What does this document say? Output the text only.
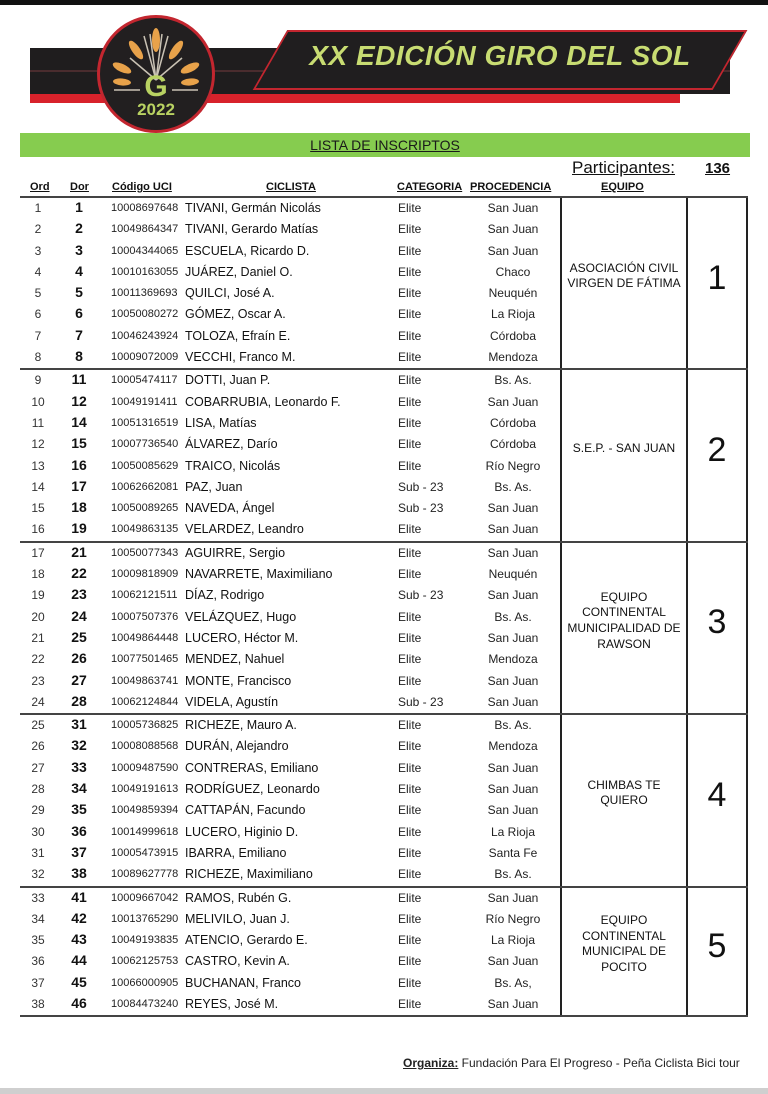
XX EDICIÓN GIRO DEL SOL
G
2022
LISTA DE INSCRIPTOS
Participantes: 136
Ord Dor Código UCI	CICLISTA	CATEGORIA PROCEDENCIA	EQUIPO
1	1	10008697648 TIVANI, Germán Nicolás	Elite	San Juan
2	2	10049864347 TIVANI, Gerardo Matías	Elite	San Juan
3	3	10004344065 ESCUELA, Ricardo D.	Elite	San Juan
4	4	10010163055 JUÁREZ, Daniel O.	Elite	Chaco
5	5	10011369693 QUILCI, José A.	Elite	Neuquén
6	6	10050080272 GÓMEZ, Oscar A.	Elite	La Rioja
7	7	10046243924 TOLOZA, Efraín E.	Elite	Córdoba
8	8	10009072009 VECCHI, Franco M.	Elite	Mendoza
ASOCIACIÓN CIVIL VIRGEN DE FÁTIMA 1
9	11	10005474117 DOTTI, Juan P.	Elite	Bs. As.
10	12	10049191411 COBARRUBIA, Leonardo F.	Elite	San Juan
11	14	10051316519 LISA, Matías	Elite	Córdoba
12	15	10007736540 ÁLVAREZ, Darío	Elite	Córdoba
13	16	10050085629 TRAICO, Nicolás	Elite	Río Negro
14	17	10062662081 PAZ, Juan	Sub - 23	Bs. As.
15	18	10050089265 NAVEDA, Ángel	Sub - 23	San Juan
16	19	10049863135 VELARDEZ, Leandro	Elite	San Juan
S.E.P. - SAN JUAN 2
17	21	10050077343 AGUIRRE, Sergio	Elite	San Juan
18	22	10009818909 NAVARRETE, Maximiliano	Elite	Neuquén
19	23	10062121511 DÍAZ, Rodrigo	Sub - 23	San Juan
20	24	10007507376 VELÁZQUEZ, Hugo	Elite	Bs. As.
21	25	10049864448 LUCERO, Héctor M.	Elite	San Juan
22	26	10077501465 MENDEZ, Nahuel	Elite	Mendoza
23	27	10049863741 MONTE, Francisco	Elite	San Juan
24	28	10062124844 VIDELA, Agustín	Sub - 23	San Juan
EQUIPO CONTINENTAL MUNICIPALIDAD DE RAWSON
3
25	31	10005736825 RICHEZE, Mauro A.	Elite	Bs. As.
26	32	10008088568 DURÁN, Alejandro	Elite	Mendoza
27	33	10009487590 CONTRERAS, Emiliano	Elite	San Juan
28	34	10049191613 RODRÍGUEZ, Leonardo	Elite	San Juan
29	35	10049859394 CATTAPÁN, Facundo	Elite	San Juan
30	36	10014999618 LUCERO, Higinio D.	Elite	La Rioja
31	37	10005473915 IBARRA, Emiliano	Elite	Santa Fe
32	38	10089627778 RICHEZE, Maximiliano	Elite	Bs. As.
CHIMBAS TE QUIERO	4
33	41	10009667042 RAMOS, Rubén G.	Elite	San Juan
34	42	10013765290 MELIVILO, Juan J.	Elite	Río Negro
35	43	10049193835 ATENCIO, Gerardo E.	Elite	La Rioja
36	44	10062125753 CASTRO, Kevin A.	Elite	San Juan
37	45	10066000905 BUCHANAN, Franco	Elite	Bs. As,
38	46	10084473240 REYES, José M.	Elite	San Juan
EQUIPO CONTINENTAL MUNICIPAL DE POCITO
5
Organiza: Fundación Para El Progreso - Peña Ciclista Bici tour
